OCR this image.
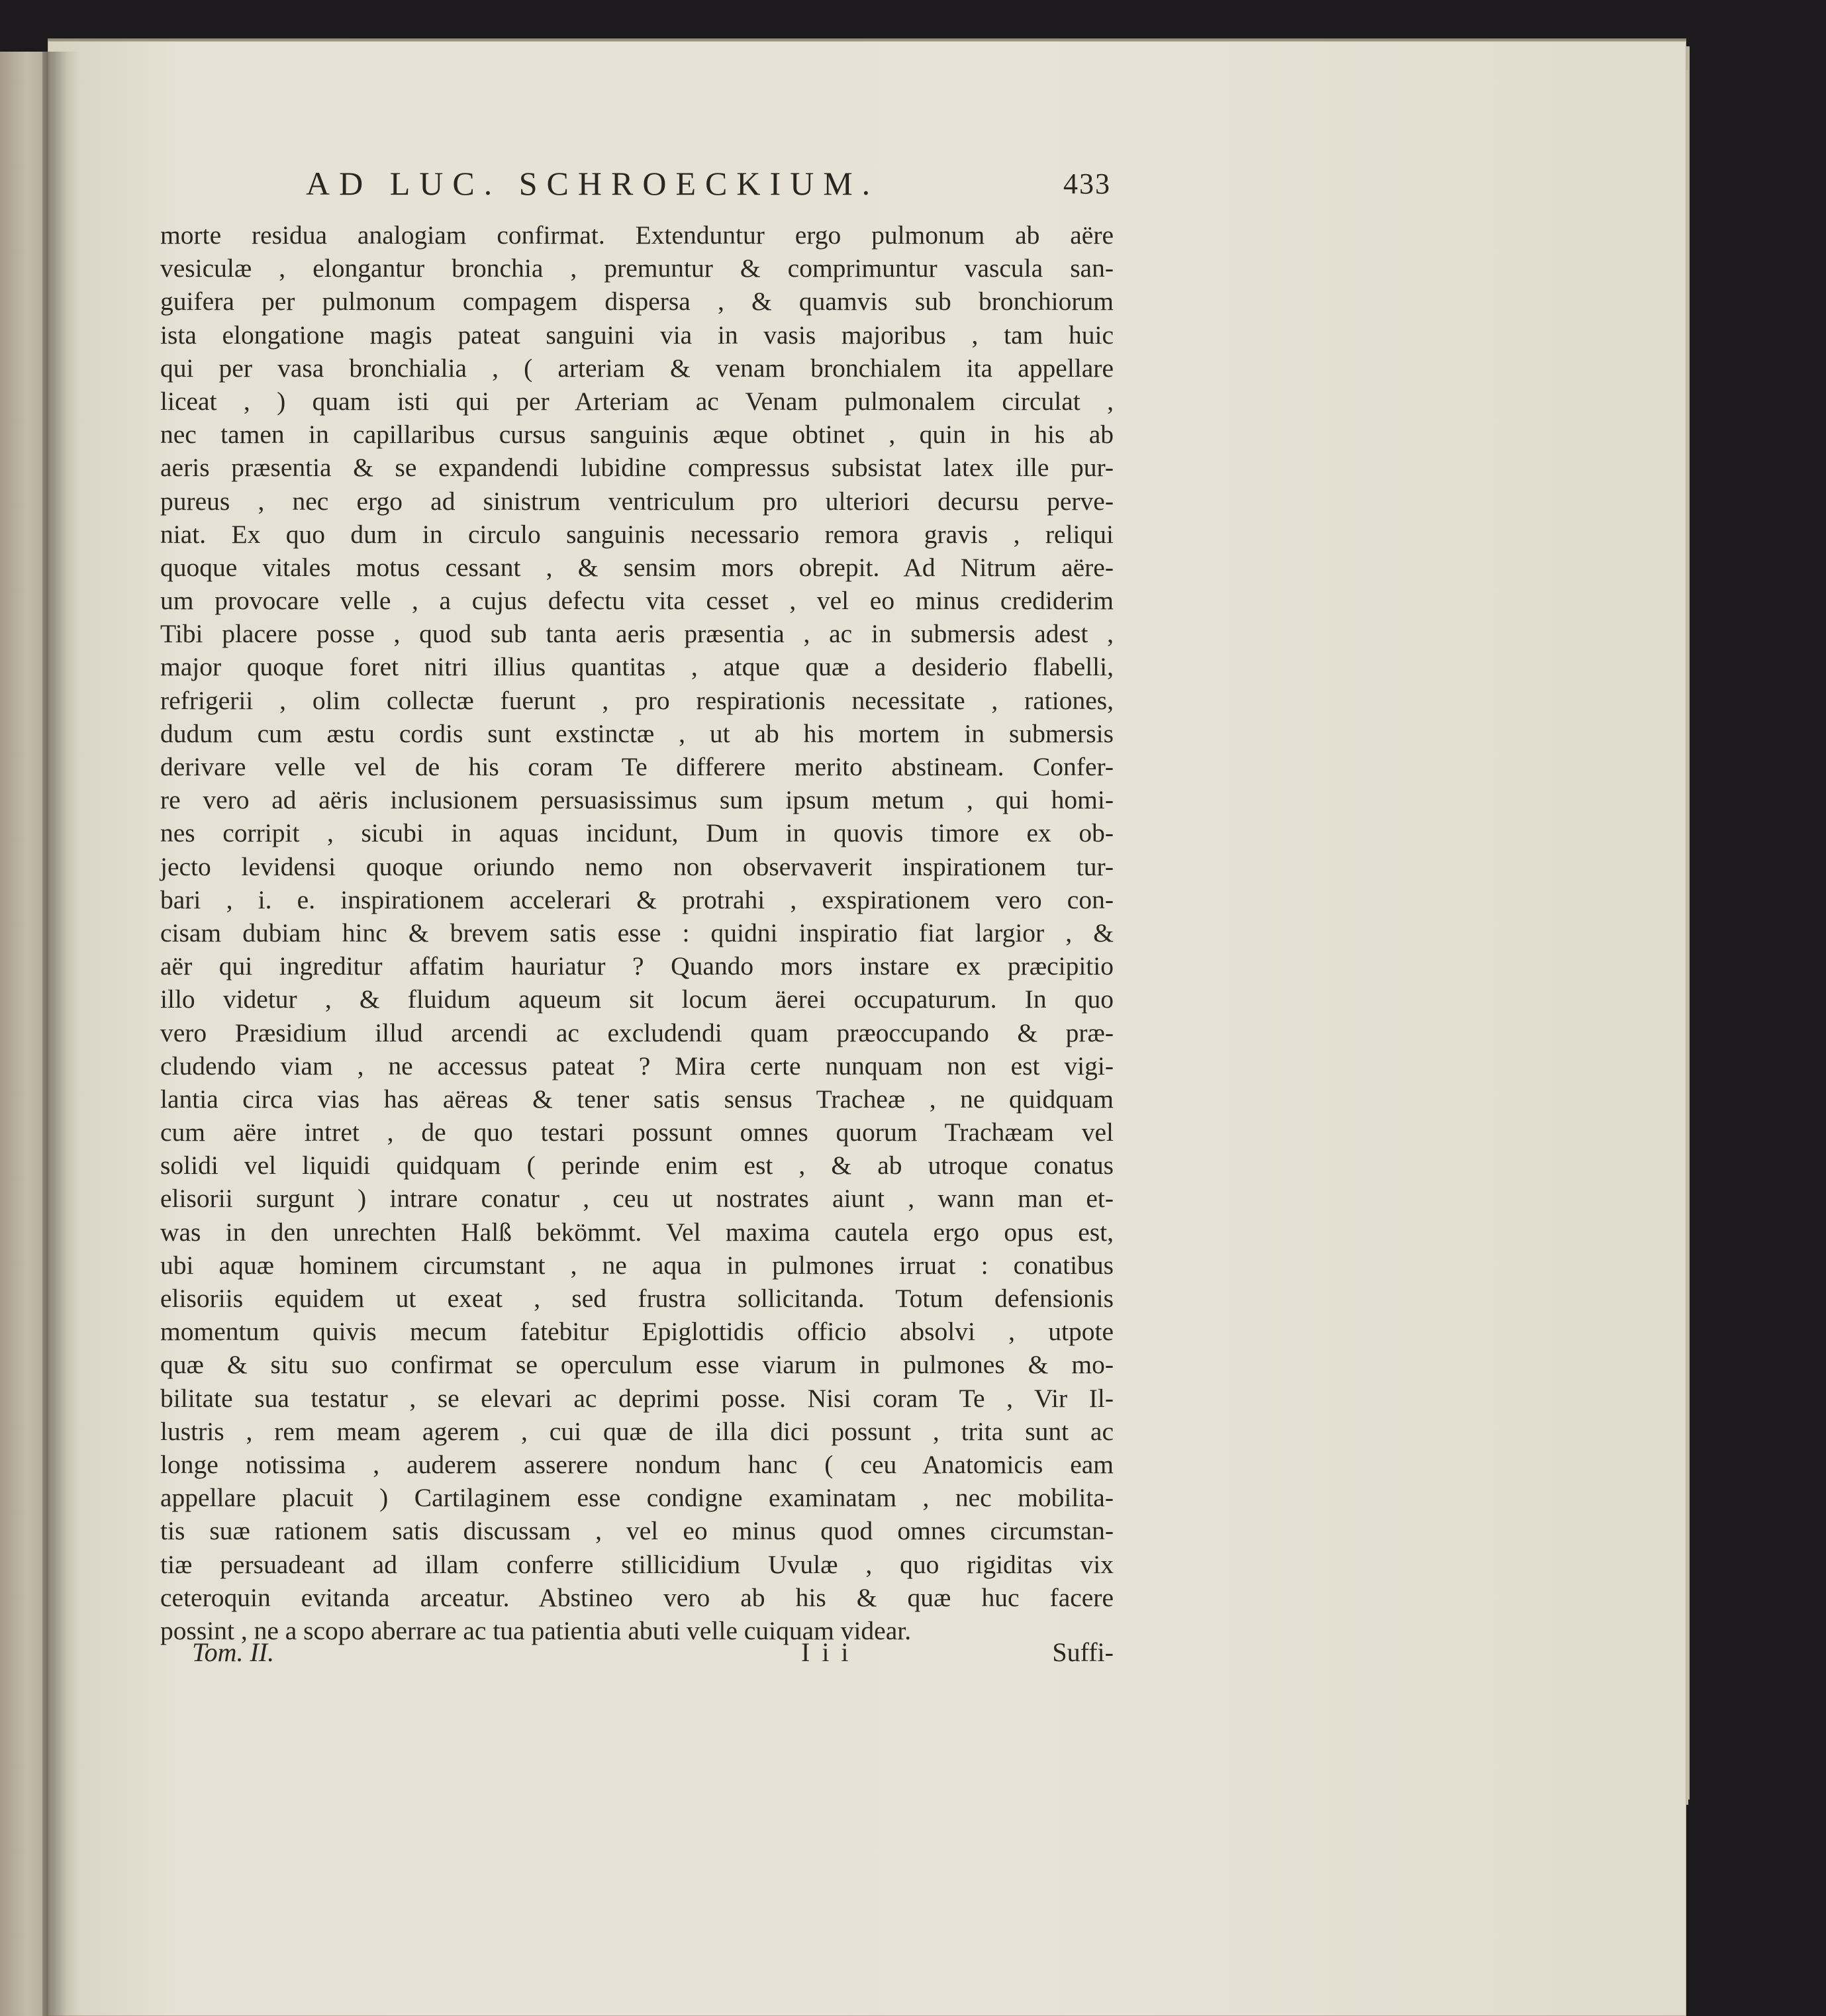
AD LUC. SCHROECKIUM.	433
morte residua analogiam confirmat. Extenduntur ergo pulmonum ab aëre
vesiculæ , elongantur bronchia , premuntur & comprimuntur vascula san-
guifera per pulmonum compagem dispersa , & quamvis sub bronchiorum
ista elongatione magis pateat sanguini via in vasis majoribus , tam huic
qui per vasa bronchialia , ( arteriam & venam bronchialem ita appellare
liceat , ) quam isti qui per Arteriam ac Venam pulmonalem circulat ,
nec tamen in capillaribus cursus sanguinis æque obtinet , quin in his ab
aeris præsentia & se expandendi lubidine compressus subsistat latex ille pur-
pureus , nec ergo ad sinistrum ventriculum pro ulteriori decursu perve-
niat. Ex quo dum in circulo sanguinis necessario remora gravis , reliqui
quoque vitales motus cessant , & sensim mors obrepit. Ad Nitrum aëre-
um provocare velle , a cujus defectu vita cesset , vel eo minus crediderim
Tibi placere posse , quod sub tanta aeris præsentia , ac in submersis adest ,
major quoque foret nitri illius quantitas , atque quæ a desiderio flabelli,
refrigerii , olim collectæ fuerunt , pro respirationis necessitate , rationes,
dudum cum æstu cordis sunt exstinctæ , ut ab his mortem in submersis
derivare velle vel de his coram Te differere merito abstineam. Confer-
re vero ad aëris inclusionem persuasissimus sum ipsum metum , qui homi-
nes corripit , sicubi in aquas incidunt, Dum in quovis timore ex ob-
jecto levidensi quoque oriundo nemo non observaverit inspirationem tur-
bari , i. e. inspirationem accelerari & protrahi , exspirationem vero con-
cisam dubiam hinc & brevem satis esse : quidni inspiratio fiat largior , &
aër qui ingreditur affatim hauriatur ? Quando mors instare ex præcipitio
illo videtur , & fluidum aqueum sit locum äerei occupaturum. In quo
vero Præsidium illud arcendi ac excludendi quam præoccupando & præ-
cludendo viam , ne accessus pateat ? Mira certe nunquam non est vigi-
lantia circa vias has aëreas & tener satis sensus Tracheæ , ne quidquam
cum aëre intret , de quo testari possunt omnes quorum Trachæam vel
solidi vel liquidi quidquam ( perinde enim est , & ab utroque conatus
elisorii surgunt ) intrare conatur , ceu ut nostrates aiunt , wann man et-
was in den unrechten Halß bekömmt. Vel maxima cautela ergo opus est,
ubi aquæ hominem circumstant , ne aqua in pulmones irruat : conatibus
elisoriis equidem ut exeat , sed frustra sollicitanda. Totum defensionis
momentum quivis mecum fatebitur Epiglottidis officio absolvi , utpote
quæ & situ suo confirmat se operculum esse viarum in pulmones & mo-
bilitate sua testatur , se elevari ac deprimi posse. Nisi coram Te , Vir Il-
lustris , rem meam agerem , cui quæ de illa dici possunt , trita sunt ac
longe notissima , auderem asserere nondum hanc ( ceu Anatomicis eam
appellare placuit ) Cartilaginem esse condigne examinatam , nec mobilita-
tis suæ rationem satis discussam , vel eo minus quod omnes circumstan-
tiæ persuadeant ad illam conferre stillicidium Uvulæ , quo rigiditas vix
ceteroquin evitanda arceatur. Abstineo vero ab his & quæ huc facere
possint , ne a scopo aberrare ac tua patientia abuti velle cuiquam videar.
Tom. II.	Iii	Suffi-
